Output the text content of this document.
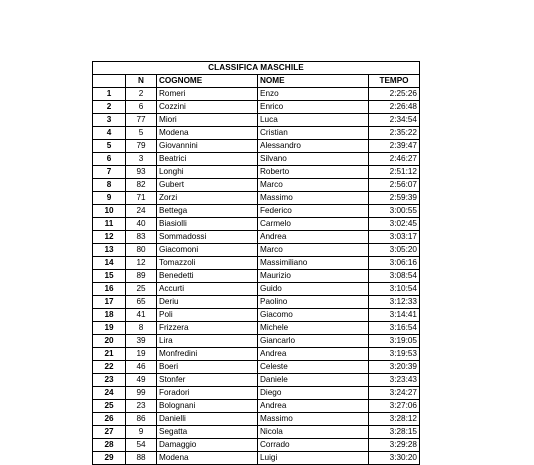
CLASSIFICA MASCHILE				
	N	COGNOME	NOME	TEMPO
1	2	Romeri	Enzo	2:25:26
2	6	Cozzini	Enrico	2:26:48
3	77	Miori	Luca	2:34:54
4	5	Modena	Cristian	2:35:22
5	79	Giovannini	Alessandro	2:39:47
6	3	Beatrici	Silvano	2:46:27
7	93	Longhi	Roberto	2:51:12
8	82	Gubert	Marco	2:56:07
9	71	Zorzi	Massimo	2:59:39
10	24	Bettega	Federico	3:00:55
11	40	Biasiolli	Carmelo	3:02:45
12	83	Sommadossi	Andrea	3:03:17
13	80	Giacomoni	Marco	3:05:20
14	12	Tomazzoli	Massimiliano	3:06:16
15	89	Benedetti	Maurizio	3:08:54
16	25	Accurti	Guido	3:10:54
17	65	Deriu	Paolino	3:12:33
18	41	Poli	Giacomo	3:14:41
19	8	Frizzera	Michele	3:16:54
20	39	Lira	Giancarlo	3:19:05
21	19	Monfredini	Andrea	3:19:53
22	46	Boeri	Celeste	3:20:39
23	49	Stonfer	Daniele	3:23:43
24	99	Foradori	Diego	3:24:27
25	23	Bolognani	Andrea	3:27:06
26	86	Danielli	Massimo	3:28:12
27	9	Segatta	Nicola	3:28:15
28	54	Damaggio	Corrado	3:29:28
29	88	Modena	Luigi	3:30:20
